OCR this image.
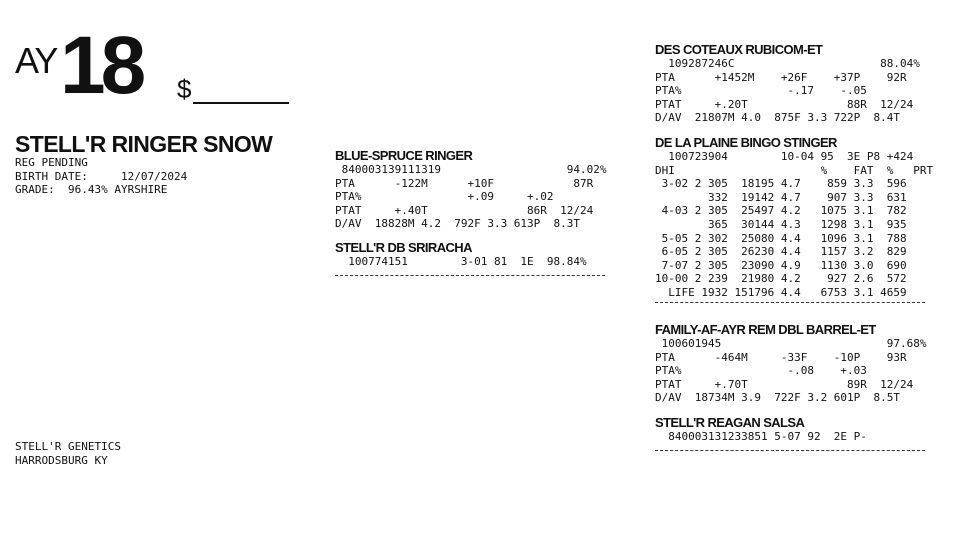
AY 18 $
STELL'R RINGER SNOW
REG PENDING
BIRTH DATE:	12/07/2024
GRADE: 96.43% AYRSHIRE
STELL'R GENETICS
HARRODSBURG KY
BLUE-SPRUCE RINGER
840003139111319                   94.02%
PTA      -122M      +10F            87R
PTA%                +.09     +.02
PTAT     +.40T               86R  12/24
D/AV  18828M 4.2  792F 3.3 613P  8.3T
STELL'R DB SRIRACHA
100774151        3-01 81  1E  98.84%
DES COTEAUX RUBICOM-ET
109287246C                      88.04%
PTA      +1452M    +26F    +37P    92R
PTA%                -.17    -.05
PTAT     +.20T               88R  12/24
D/AV  21807M 4.0  875F 3.3 722P  8.4T
DE LA PLAINE BINGO STINGER
100723904        10-04 95  3E P8 +424
DHI                      %    FAT  %   PRT
3-02 2 305  18195 4.7    859 3.3  596
332  19142 4.7    907 3.3  631
4-03 2 305  25497 4.2   1075 3.1  782
365  30144 4.3   1298 3.1  935
5-05 2 302  25080 4.4   1096 3.1  788
6-05 2 305  26230 4.4   1157 3.2  829
7-07 2 305  23090 4.9   1130 3.0  690
10-00 2 239  21980 4.2    927 2.6  572
LIFE 1932 151796 4.4   6753 3.1 4659
FAMILY-AF-AYR REM DBL BARREL-ET
100601945                         97.68%
PTA      -464M     -33F    -10P    93R
PTA%                -.08    +.03
PTAT     +.70T               89R  12/24
D/AV  18734M 3.9  722F 3.2 601P  8.5T
STELL'R REAGAN SALSA
840003131233851 5-07 92  2E P-
